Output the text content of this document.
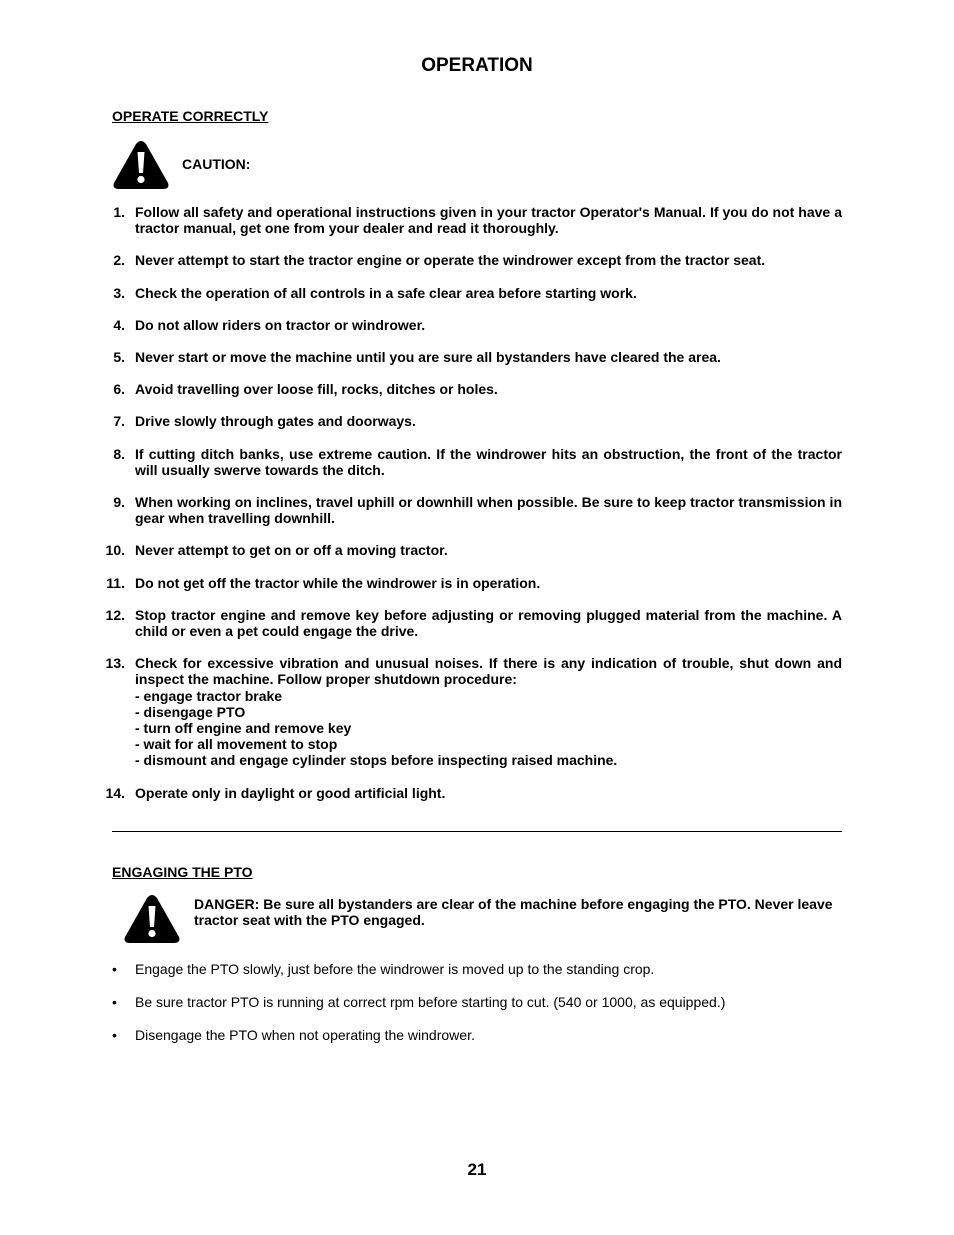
OPERATION
OPERATE CORRECTLY
CAUTION:
1. Follow all safety and operational instructions given in your tractor Operator's Manual. If you do not have a tractor manual, get one from your dealer and read it thoroughly.
2. Never attempt to start the tractor engine or operate the windrower except from the tractor seat.
3. Check the operation of all controls in a safe clear area before starting work.
4. Do not allow riders on tractor or windrower.
5. Never start or move the machine until you are sure all bystanders have cleared the area.
6. Avoid travelling over loose fill, rocks, ditches or holes.
7. Drive slowly through gates and doorways.
8. If cutting ditch banks, use extreme caution. If the windrower hits an obstruction, the front of the tractor will usually swerve towards the ditch.
9. When working on inclines, travel uphill or downhill when possible. Be sure to keep tractor transmission in gear when travelling downhill.
10. Never attempt to get on or off a moving tractor.
11. Do not get off the tractor while the windrower is in operation.
12. Stop tractor engine and remove key before adjusting or removing plugged material from the machine. A child or even a pet could engage the drive.
13. Check for excessive vibration and unusual noises. If there is any indication of trouble, shut down and inspect the machine. Follow proper shutdown procedure:
- engage tractor brake
- disengage PTO
- turn off engine and remove key
- wait for all movement to stop
- dismount and engage cylinder stops before inspecting raised machine.
14. Operate only in daylight or good artificial light.
ENGAGING THE PTO
DANGER: Be sure all bystanders are clear of the machine before engaging the PTO. Never leave tractor seat with the PTO engaged.
• Engage the PTO slowly, just before the windrower is moved up to the standing crop.
• Be sure tractor PTO is running at correct rpm before starting to cut. (540 or 1000, as equipped.)
• Disengage the PTO when not operating the windrower.
21
